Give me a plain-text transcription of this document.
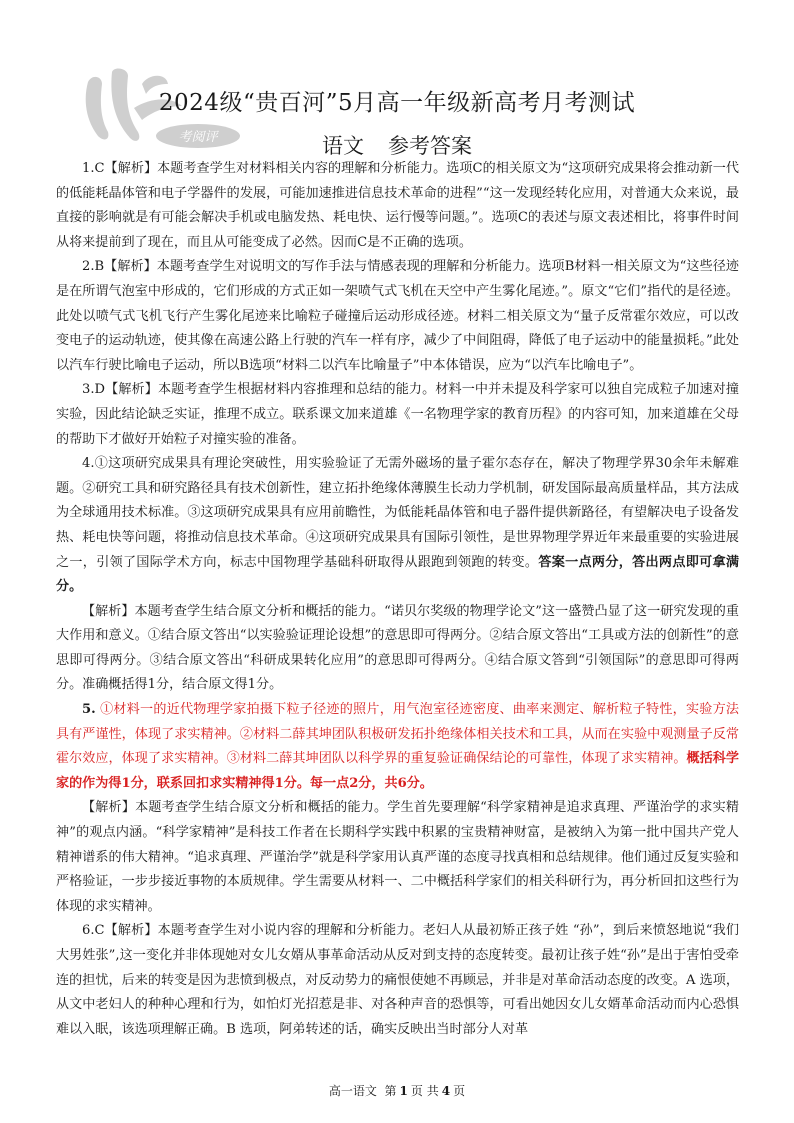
考阅评
2024级“贵百河”5月高一年级新高考月考测试
语文 参考答案

1.C【解析】本题考查学生对材料相关内容的理解和分析能力。选项C的相关原文为“这项研究成果将会推动新一代的低能耗晶体管和电子学器件的发展，可能加速推进信息技术革命的进程”“这一发现经转化应用，对普通大众来说，最直接的影响就是有可能会解决手机或电脑发热、耗电快、运行慢等问题。”。选项C的表述与原文表述相比，将事件时间从将来提前到了现在，而且从可能变成了必然。因而C是不正确的选项。

2.B【解析】本题考查学生对说明文的写作手法与情感表现的理解和分析能力。选项B材料一相关原文为“这些径迹是在所谓气泡室中形成的，它们形成的方式正如一架喷气式飞机在天空中产生雾化尾迹。”。原文“它们”指代的是径迹。此处以喷气式飞机飞行产生雾化尾迹来比喻粒子碰撞后运动形成径迹。材料二相关原文为“量子反常霍尔效应，可以改变电子的运动轨迹，使其像在高速公路上行驶的汽车一样有序，减少了中间阻碍，降低了电子运动中的能量损耗。”此处以汽车行驶比喻电子运动，所以B选项“材料二以汽车比喻量子”中本体错误，应为“以汽车比喻电子”。

3.D【解析】本题考查学生根据材料内容推理和总结的能力。材料一中并未提及科学家可以独自完成粒子加速对撞实验，因此结论缺乏实证，推理不成立。联系课文加来道雄《一名物理学家的教育历程》的内容可知，加来道雄在父母的帮助下才做好开始粒子对撞实验的准备。

4.①这项研究成果具有理论突破性，用实验验证了无需外磁场的量子霍尔态存在，解决了物理学界30余年未解难题。②研究工具和研究路径具有技术创新性，建立拓扑绝缘体薄膜生长动力学机制，研发国际最高质量样品，其方法成为全球通用技术标准。③这项研究成果具有应用前瞻性，为低能耗晶体管和电子器件提供新路径，有望解决电子设备发热、耗电快等问题，将推动信息技术革命。④这项研究成果具有国际引领性，是世界物理学界近年来最重要的实验进展之一，引领了国际学术方向，标志中国物理学基础科研取得从跟跑到领跑的转变。答案一点两分，答出两点即可拿满分。

【解析】本题考查学生结合原文分析和概括的能力。“诺贝尔奖级的物理学论文”这一盛赞凸显了这一研究发现的重大作用和意义。①结合原文答出“以实验验证理论设想”的意思即可得两分。②结合原文答出“工具或方法的创新性”的意思即可得两分。③结合原文答出“科研成果转化应用”的意思即可得两分。④结合原文答到“引领国际”的意思即可得两分。准确概括得1分，结合原文得1分。

5. ①材料一的近代物理学家拍摄下粒子径迹的照片，用气泡室径迹密度、曲率来测定、解析粒子特性，实验方法具有严谨性，体现了求实精神。②材料二薛其坤团队积极研发拓扑绝缘体相关技术和工具，从而在实验中观测量子反常霍尔效应，体现了求实精神。③材料二薛其坤团队以科学界的重复验证确保结论的可靠性，体现了求实精神。概括科学家的作为得1分，联系回扣求实精神得1分。每一点2分，共6分。

【解析】本题考查学生结合原文分析和概括的能力。学生首先要理解“科学家精神是追求真理、严谨治学的求实精神”的观点内涵。“科学家精神”是科技工作者在长期科学实践中积累的宝贵精神财富，是被纳入为第一批中国共产党人精神谱系的伟大精神。“追求真理、严谨治学”就是科学家用认真严谨的态度寻找真相和总结规律。他们通过反复实验和严格验证，一步步接近事物的本质规律。学生需要从材料一、二中概括科学家们的相关科研行为，再分析回扣这些行为体现的求实精神。

6.C【解析】本题考查学生对小说内容的理解和分析能力。老妇人从最初矫正孩子姓 “孙”，到后来愤怒地说“我们大男姓张”,这一变化并非体现她对女儿女婿从事革命活动从反对到支持的态度转变。最初让孩子姓“孙”是出于害怕受牵连的担忧，后来的转变是因为悲愤到极点，对反动势力的痛恨使她不再顾忌，并非是对革命活动态度的改变。A 选项，从文中老妇人的种种心理和行为，如怕灯光招惹是非、对各种声音的恐惧等，可看出她因女儿女婿革命活动而内心恐惧难以入眠，该选项理解正确。B 选项，阿弟转述的话，确实反映出当时部分人对革

高一语文 第 1 页 共 4 页
